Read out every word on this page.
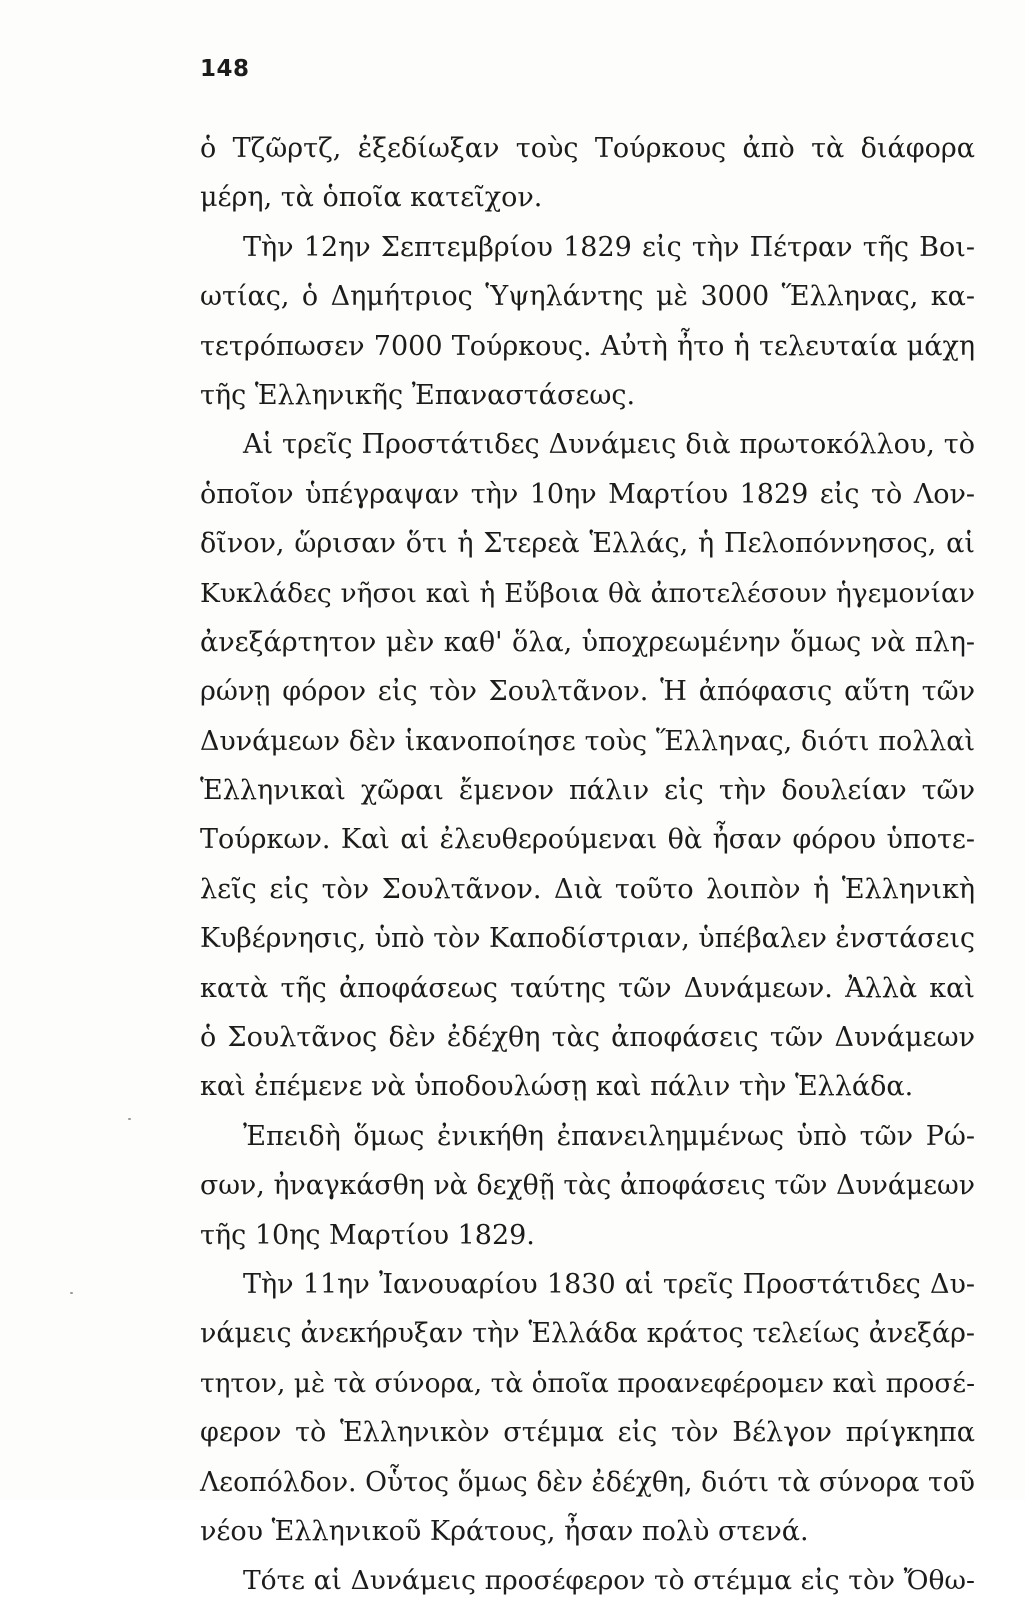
148
ὁ Τζῶρτζ, ἐξεδίωξαν τοὺς Τούρκους ἀπὸ τὰ διάφορα
μέρη, τὰ ὁποῖα κατεῖχον.
Τὴν 12ην Σεπτεμβρίου 1829 εἰς τὴν Πέτραν τῆς Βοι-
ωτίας, ὁ Δημήτριος Ὑψηλάντης μὲ 3000 Ἕλληνας, κα-
τετρόπωσεν 7000 Τούρκους. Αὐτὴ ἦτο ἡ τελευταία μάχη
τῆς Ἑλληνικῆς Ἐπαναστάσεως.
Αἱ τρεῖς Προστάτιδες Δυνάμεις διὰ πρωτοκόλλου, τὸ
ὁποῖον ὑπέγραψαν τὴν 10ην Μαρτίου 1829 εἰς τὸ Λον-
δῖνον, ὥρισαν ὅτι ἡ Στερεὰ Ἑλλάς, ἡ Πελοπόννησος, αἱ
Κυκλάδες νῆσοι καὶ ἡ Εὔβοια θὰ ἀποτελέσουν ἡγεμονίαν
ἀνεξάρτητον μὲν καθ' ὅλα, ὑποχρεωμένην ὅμως νὰ πλη-
ρώνῃ φόρον εἰς τὸν Σουλτᾶνον. Ἡ ἀπόφασις αὕτη τῶν
Δυνάμεων δὲν ἱκανοποίησε τοὺς Ἕλληνας, διότι πολλαὶ
Ἑλληνικαὶ χῶραι ἔμενον πάλιν εἰς τὴν δουλείαν τῶν
Τούρκων. Καὶ αἱ ἐλευθερούμεναι θὰ ἦσαν φόρου ὑποτε-
λεῖς εἰς τὸν Σουλτᾶνον. Διὰ τοῦτο λοιπὸν ἡ Ἑλληνικὴ
Κυβέρνησις, ὑπὸ τὸν Καποδίστριαν, ὑπέβαλεν ἐνστάσεις
κατὰ τῆς ἀποφάσεως ταύτης τῶν Δυνάμεων. Ἀλλὰ καὶ
ὁ Σουλτᾶνος δὲν ἐδέχθη τὰς ἀποφάσεις τῶν Δυνάμεων
καὶ ἐπέμενε νὰ ὑποδουλώσῃ καὶ πάλιν τὴν Ἑλλάδα.
Ἐπειδὴ ὅμως ἐνικήθη ἐπανειλημμένως ὑπὸ τῶν Ρώ-
σων, ἠναγκάσθη νὰ δεχθῇ τὰς ἀποφάσεις τῶν Δυνάμεων
τῆς 10ης Μαρτίου 1829.
Τὴν 11ην Ἰανουαρίου 1830 αἱ τρεῖς Προστάτιδες Δυ-
νάμεις ἀνεκήρυξαν τὴν Ἑλλάδα κράτος τελείως ἀνεξάρ-
τητον, μὲ τὰ σύνορα, τὰ ὁποῖα προανεφέρομεν καὶ προσέ-
φερον τὸ Ἑλληνικὸν στέμμα εἰς τὸν Βέλγον πρίγκηπα
Λεοπόλδον. Οὗτος ὅμως δὲν ἐδέχθη, διότι τὰ σύνορα τοῦ
νέου Ἑλληνικοῦ Κράτους, ἦσαν πολὺ στενά.
Τότε αἱ Δυνάμεις προσέφερον τὸ στέμμα εἰς τὸν Ὄθω-
